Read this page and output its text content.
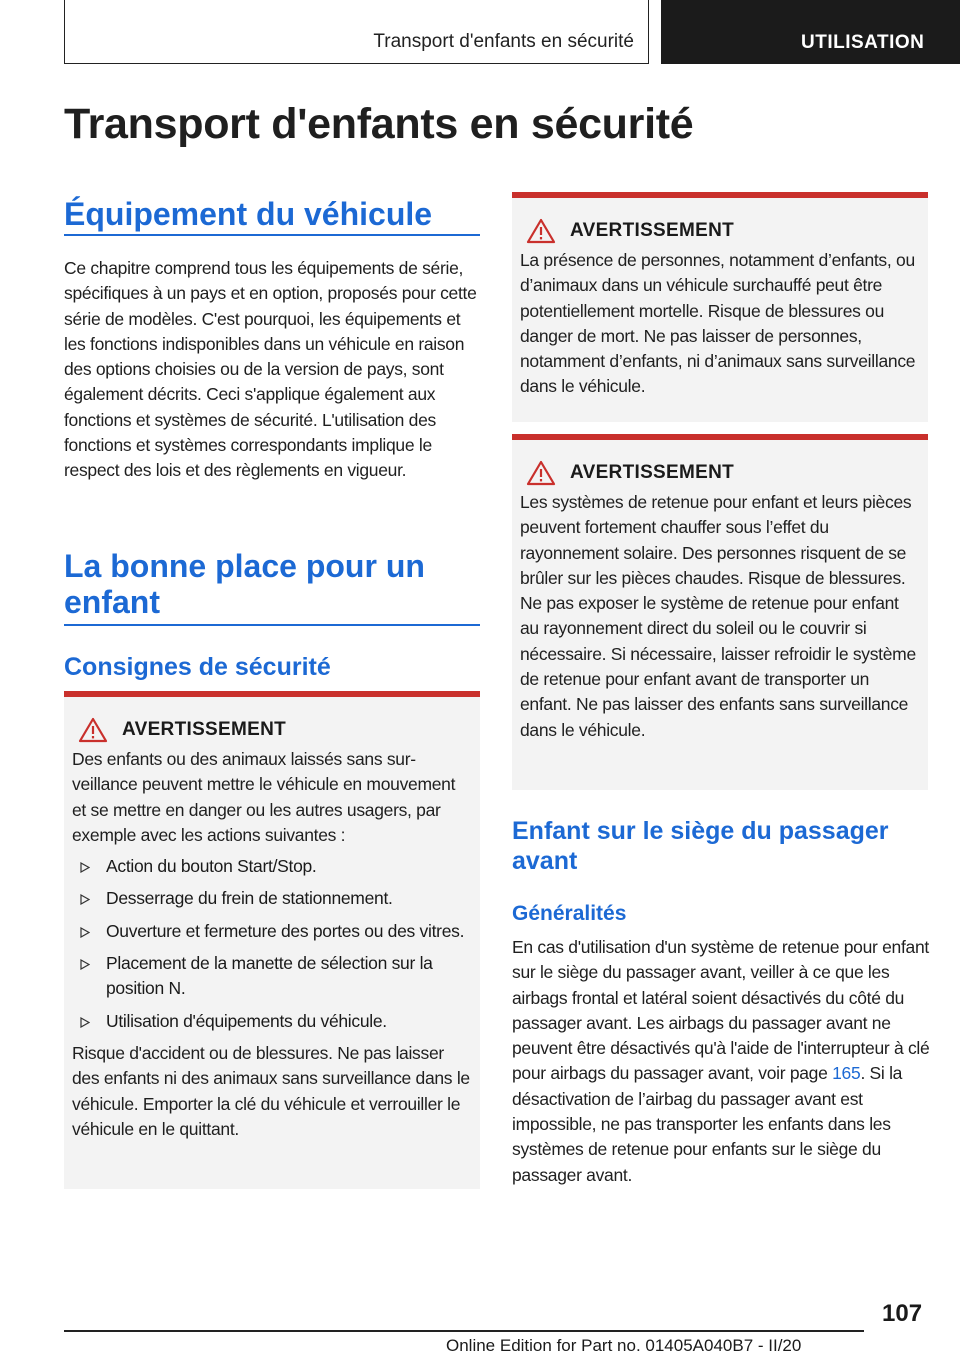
Transport d'enfants en sécurité	UTILISATION
Transport d'enfants en sécurité
Équipement du véhicule

Ce chapitre comprend tous les équipements de série, spécifiques à un pays et en option, proposés pour cette série de modèles. C'est pourquoi, les équipements et les fonctions indisponibles dans un véhicule en raison des options choisies ou de la version de pays, sont également décrits. Ceci s'applique également aux fonctions et systèmes de sécurité. L'utilisation des fonctions et systèmes correspondants implique le respect des lois et des règlements en vigueur.

La bonne place pour un
enfant
Consignes de sécurité
AVERTISSEMENT

Des enfants ou des animaux laissés sans surveillance peuvent mettre le véhicule en mouvement et se mettre en danger ou les autres usagers, par exemple avec les actions suivantes :

Action du bouton Start/Stop.
Desserrage du frein de stationnement.
Ouverture et fermeture des portes ou des vitres.
Placement de la manette de sélection sur la position N.
Utilisation d'équipements du véhicule.

Risque d'accident ou de blessures. Ne pas laisser des enfants ni des animaux sans surveillance dans le véhicule. Emporter la clé du véhicule et verrouiller le véhicule en le quittant.

AVERTISSEMENT

La présence de personnes, notamment d’enfants, ou d’animaux dans un véhicule surchauffé peut être potentiellement mortelle. Risque de blessures ou danger de mort. Ne pas laisser de personnes, notamment d’enfants, ni d’animaux sans surveillance dans le véhicule.

AVERTISSEMENT

Les systèmes de retenue pour enfant et leurs pièces peuvent fortement chauffer sous l’effet du rayonnement solaire. Des personnes risquent de se brûler sur les pièces chaudes. Risque de blessures. Ne pas exposer le système de retenue pour enfant au rayonnement direct du soleil ou le couvrir si nécessaire. Si nécessaire, laisser refroidir le système de retenue pour enfant avant de transporter un enfant. Ne pas laisser des enfants sans surveillance dans le véhicule.

Enfant sur le siège du passager
avant
Généralités

En cas d'utilisation d'un système de retenue pour enfant sur le siège du passager avant, veiller à ce que les airbags frontal et latéral soient désactivés du côté du passager avant. Les airbags du passager avant ne peuvent être désactivés qu'à l'aide de l'interrupteur à clé pour airbags du passager avant, voir page 165. Si la désactivation de l’airbag du passager avant est impossible, ne pas transporter les enfants dans les systèmes de retenue pour enfants sur le siège du passager avant.

107
Online Edition for Part no. 01405A040B7 - II/20
